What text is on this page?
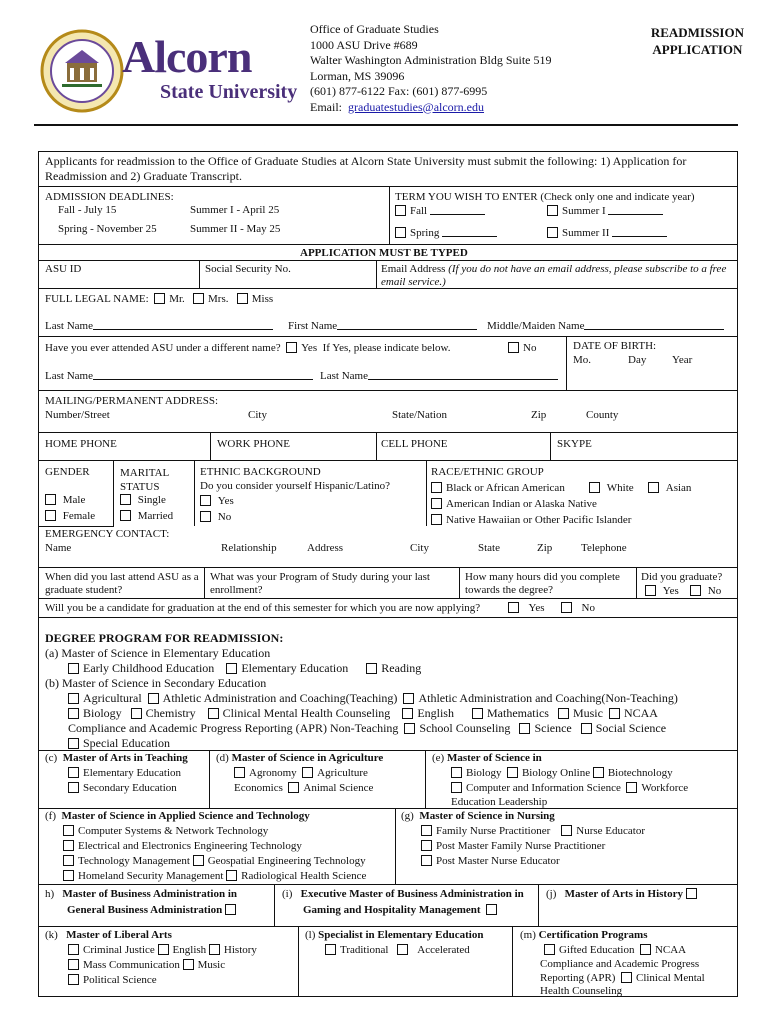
Alcorn
State University
Office of Graduate Studies
1000 ASU Drive #689
Walter Washington Administration Bldg Suite 519
Lorman, MS 39096
(601) 877-6122 Fax: (601) 877-6995
Email: graduatestudies@alcorn.edu
READMISSION
APPLICATION
Applicants for readmission to the Office of Graduate Studies at Alcorn State University must submit the following: 1) Application for Readmission and 2) Graduate Transcript.
ADMISSION DEADLINES:
Fall - July 15	Summer I - April 25
Spring - November 25	Summer II - May 25
TERM YOU WISH TO ENTER (Check only one and indicate year)
Fall	Summer I
Spring	Summer II
APPLICATION MUST BE TYPED
ASU ID	Social Security No.	Email Address (If you do not have an email address, please subscribe to a free email service.)
FULL LEGAL NAME: Mr. Mrs. Miss
Last Name	First Name	Middle/Maiden Name
Have you ever attended ASU under a different name? Yes If Yes, please indicate below.	No	DATE OF BIRTH:
Mo.	Day Year
Last Name	Last Name
MAILING/PERMANENT ADDRESS:
Number/Street	City	State/Nation	Zip	County
HOME PHONE	WORK PHONE	CELL PHONE	SKYPE
GENDER
Male
Female
MARITAL
STATUS
Single
Married
ETHNIC BACKGROUND
Do you consider yourself Hispanic/Latino?
Yes
No
RACE/ETHNIC GROUP
Black or African American	White	Asian
American Indian or Alaska Native
Native Hawaiian or Other Pacific Islander
EMERGENCY CONTACT:
Name	Relationship	Address	City	State	Zip	Telephone
When did you last attend ASU as a graduate student?
What was your Program of Study during your last enrollment?
How many hours did you complete towards the degree?
Did you graduate?
Yes	No
Will you be a candidate for graduation at the end of this semester for which you are now applying?	Yes	No
DEGREE PROGRAM FOR READMISSION:
(a) Master of Science in Elementary Education
Early Childhood Education Elementary Education	Reading
(b) Master of Science in Secondary Education
Agricultural Athletic Administration and Coaching(Teaching) Athletic Administration and Coaching(Non-Teaching)
Biology Chemistry Clinical Mental Health Counseling English	Mathematics Music NCAA
Compliance and Academic Progress Reporting (APR) Non-Teaching School Counseling Science Social Science
Special Education
(c) Master of Arts in Teaching
Elementary Education
Secondary Education
(d) Master of Science in Agriculture
Agronomy Agriculture
Economics Animal Science
(e) Master of Science in
Biology Biology Online Biotechnology
Computer and Information Science Workforce
Education Leadership
(f) Master of Science in Applied Science and Technology
Computer Systems & Network Technology
Electrical and Electronics Engineering Technology
Technology Management Geospatial Engineering Technology
Homeland Security Management Radiological Health Science
(g) Master of Science in Nursing
Family Nurse Practitioner Nurse Educator
Post Master Family Nurse Practitioner
Post Master Nurse Educator
h) Master of Business Administration in
General Business Administration
(i) Executive Master of Business Administration in
Gaming and Hospitality Management
(j) Master of Arts in History
(k) Master of Liberal Arts
Criminal Justice English History
Mass Communication Music
Political Science
(l) Specialist in Elementary Education
Traditional	Accelerated
(m) Certification Programs
Gifted Education NCAA
Compliance and Academic Progress
Reporting (APR) Clinical Mental
Health Counseling
